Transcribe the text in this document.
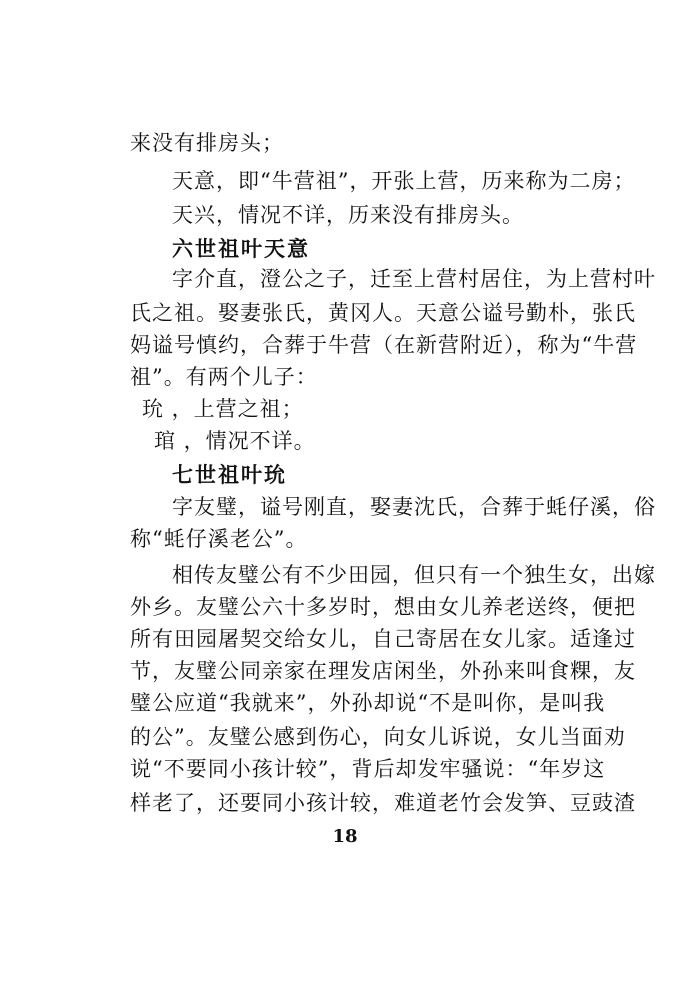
来没有排房头；
天意，即“牛营祖”，开张上营，历来称为二房；
天兴，情况不详，历来没有排房头。
六世祖叶天意
字介直，澄公之子，迁至上营村居住，为上营村叶
氏之祖。娶妻张氏，黄冈人。天意公谥号勤朴，张氏
妈谥号慎约，合葬于牛营（在新营附近），称为“牛营
祖”。有两个儿子：
玧 ，上营之祖；
琯 ，情况不详。
七世祖叶玧
字友璧，谥号刚直，娶妻沈氏，合葬于蚝仔溪，俗
称“蚝仔溪老公”。
相传友璧公有不少田园，但只有一个独生女，出嫁
外乡。友璧公六十多岁时，想由女儿养老送终，便把
所有田园屠契交给女儿，自己寄居在女儿家。适逢过
节，友璧公同亲家在理发店闲坐，外孙来叫食粿，友
璧公应道“我就来”，外孙却说“不是叫你，是叫我
的公”。友璧公感到伤心，向女儿诉说，女儿当面劝
说“不要同小孩计较”，背后却发牢骚说：“年岁这
样老了，还要同小孩计较，难道老竹会发笋、豆豉渣
18
